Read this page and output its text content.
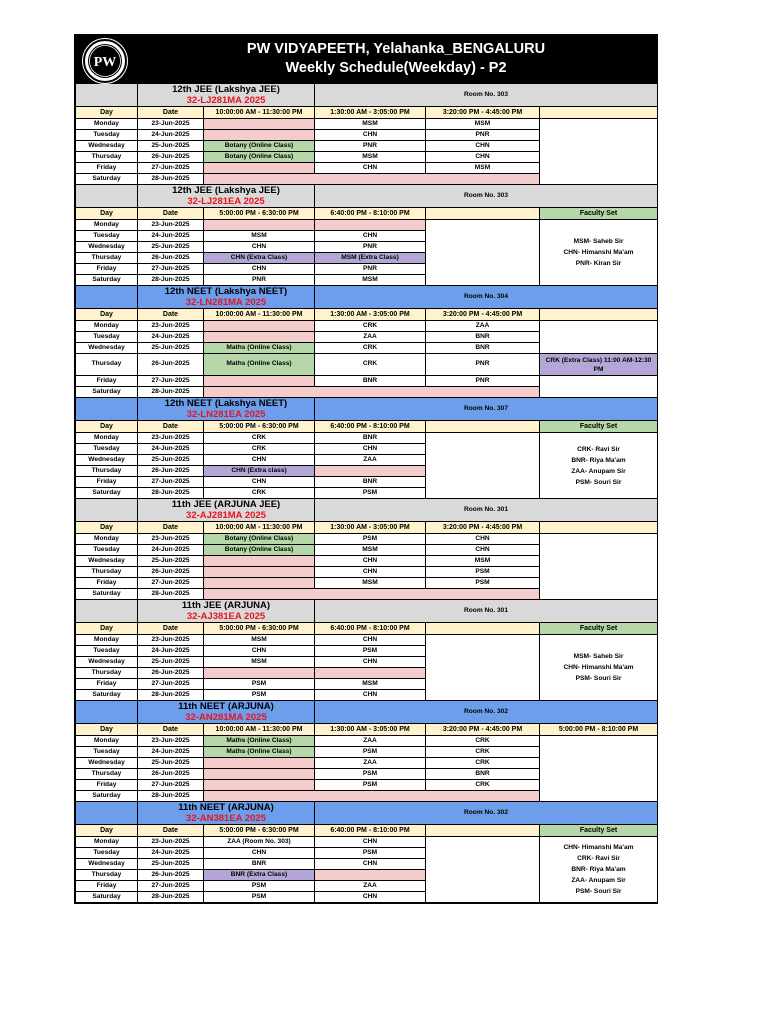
PW
PW VIDYAPEETH, Yelahanka_BENGALURU
Weekly Schedule(Weekday) - P2

	12th JEE (Lakshya JEE)
32-LJ281MA 2025		Room No. 303		
Day	Date	10:00:00 AM - 11:30:00 PM	1:30:00 AM - 3:05:00 PM	3:20:00 PM - 4:45:00 PM	
Monday	23-Jun-2025		MSM	MSM	
Tuesday	24-Jun-2025		CHN	PNR	
Wednesday	25-Jun-2025	Botany (Online Class)	PNR	CHN	
Thursday	26-Jun-2025	Botany (Online Class)	MSM	CHN	
Friday	27-Jun-2025		CHN	MSM	
Saturday	28-Jun-2025				

	12th JEE (Lakshya JEE)
32-LJ281EA 2025		Room No. 303		
Day	Date	5:00:00 PM - 6:30:00 PM	6:40:00 PM - 8:10:00 PM		Faculty Set
Monday	23-Jun-2025				MSM- Saheb Sir
CHN- Himanshi Ma'am
PNR- Kiran Sir

Tuesday	24-Jun-2025	MSM	CHN		
Wednesday	25-Jun-2025	CHN	PNR		
Thursday	26-Jun-2025	CHN (Extra Class)	MSM (Extra Class)		
Friday	27-Jun-2025	CHN	PNR		
Saturday	28-Jun-2025	PNR	MSM		

	12th NEET (Lakshya NEET)
32-LN281MA 2025		Room No. 304		
Day	Date	10:00:00 AM - 11:30:00 PM	1:30:00 AM - 3:05:00 PM	3:20:00 PM - 4:45:00 PM	
Monday	23-Jun-2025		CRK	ZAA	
Tuesday	24-Jun-2025		ZAA	BNR	
Wednesday	25-Jun-2025	Maths (Online Class)	CRK	BNR	
Thursday	26-Jun-2025	Maths (Online Class)	CRK	PNR	CRK (Extra Class) 11:00 AM-12:30 PM
Friday	27-Jun-2025		BNR	PNR	
Saturday	28-Jun-2025				

	12th NEET (Lakshya NEET)
32-LN281EA 2025		Room No. 307		
Day	Date	5:00:00 PM - 6:30:00 PM	6:40:00 PM - 8:10:00 PM		Faculty Set
Monday	23-Jun-2025	CRK	BNR		CRK- Ravi Sir
BNR- Riya Ma'am
ZAA- Anupam Sir
PSM- Souri Sir

Tuesday	24-Jun-2025	CRK	CHN		
Wednesday	25-Jun-2025	CHN	ZAA		
Thursday	26-Jun-2025	CHN (Extra class)			
Friday	27-Jun-2025	CHN	BNR		
Saturday	28-Jun-2025	CRK	PSM		

	11th JEE (ARJUNA JEE)
32-AJ281MA 2025		Room No. 301		
Day	Date	10:00:00 AM - 11:30:00 PM	1:30:00 AM - 3:05:00 PM	3:20:00 PM - 4:45:00 PM	
Monday	23-Jun-2025	Botany (Online Class)	PSM	CHN	
Tuesday	24-Jun-2025	Botany (Online Class)	MSM	CHN	
Wednesday	25-Jun-2025		CHN	MSM	
Thursday	26-Jun-2025		CHN	PSM	
Friday	27-Jun-2025		MSM	PSM	
Saturday	28-Jun-2025				

	11th JEE (ARJUNA)
32-AJ381EA 2025		Room No. 301		
Day	Date	5:00:00 PM - 6:30:00 PM	6:40:00 PM - 8:10:00 PM		Faculty Set
Monday	23-Jun-2025	MSM	CHN		MSM- Saheb Sir
CHN- Himanshi Ma'am
PSM- Souri Sir

Tuesday	24-Jun-2025	CHN	PSM		
Wednesday	25-Jun-2025	MSM	CHN		
Thursday	26-Jun-2025				
Friday	27-Jun-2025	PSM	MSM		
Saturday	28-Jun-2025	PSM	CHN		

	11th NEET (ARJUNA)
32-AN281MA 2025		Room No. 302		
Day	Date	10:00:00 AM - 11:30:00 PM	1:30:00 AM - 3:05:00 PM	3:20:00 PM - 4:45:00 PM	5:00:00 PM - 8:10:00 PM
Monday	23-Jun-2025	Maths (Online Class)	ZAA	CRK	
Tuesday	24-Jun-2025	Maths (Online Class)	PSM	CRK	
Wednesday	25-Jun-2025		ZAA	CRK	
Thursday	26-Jun-2025		PSM	BNR	
Friday	27-Jun-2025		PSM	CRK	
Saturday	28-Jun-2025				

	11th NEET (ARJUNA)
32-AN381EA 2025		Room No. 302		
Day	Date	5:00:00 PM - 6:30:00 PM	6:40:00 PM - 8:10:00 PM		Faculty Set
Monday	23-Jun-2025	ZAA (Room No. 303)	CHN		CHN- Himanshi Ma'am
CRK- Ravi Sir
BNR- Riya Ma'am
ZAA- Anupam Sir
PSM- Souri Sir

Tuesday	24-Jun-2025	CHN	PSM		
Wednesday	25-Jun-2025	BNR	CHN		
Thursday	26-Jun-2025	BNR (Extra Class)			
Friday	27-Jun-2025	PSM	ZAA		
Saturday	28-Jun-2025	PSM	CHN		
